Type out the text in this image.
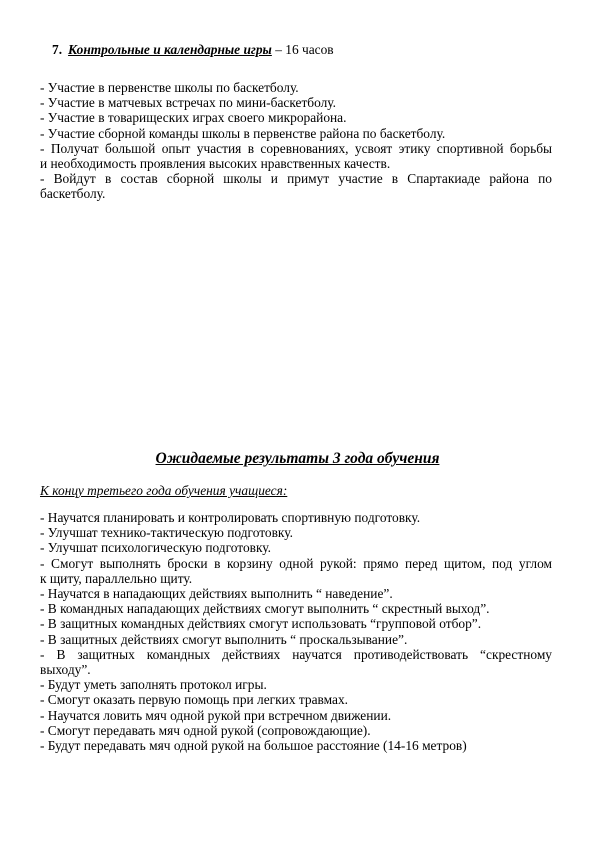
7. Контрольные и календарные игры – 16 часов

- Участие в первенстве школы по баскетболу.

- Участие в матчевых встречах по мини-баскетболу.

- Участие в товарищеских играх своего микрорайона.

- Участие сборной команды школы в первенстве района по баскетболу.

- Получат большой опыт участия в соревнованиях, усвоят этику спортивной борьбы

и необходимость проявления высоких нравственных качеств.

- Войдут в состав сборной школы и примут участие в Спартакиаде района по

баскетболу.

Ожидаемые результаты 3 года обучения
К концу третьего года обучения учащиеся:

- Научатся планировать и контролировать спортивную подготовку.

- Улучшат технико-тактическую подготовку.

- Улучшат психологическую подготовку.

- Смогут выполнять броски в корзину одной рукой: прямо перед щитом, под углом

к щиту, параллельно щиту.

- Научатся в нападающих действиях выполнить “ наведение”.

- В командных нападающих действиях смогут выполнить “ скрестный выход”.

- В защитных командных действиях смогут использовать “групповой отбор”.

- В защитных действиях смогут выполнить “ проскальзывание”.

- В защитных командных действиях научатся противодействовать “скрестному

выходу”.

- Будут уметь заполнять протокол игры.

- Смогут оказать первую помощь при легких травмах.

- Научатся ловить мяч одной рукой при встречном движении.

- Смогут передавать мяч одной рукой (сопровождающие).

- Будут передавать мяч одной рукой на большое расстояние (14-16 метров)
